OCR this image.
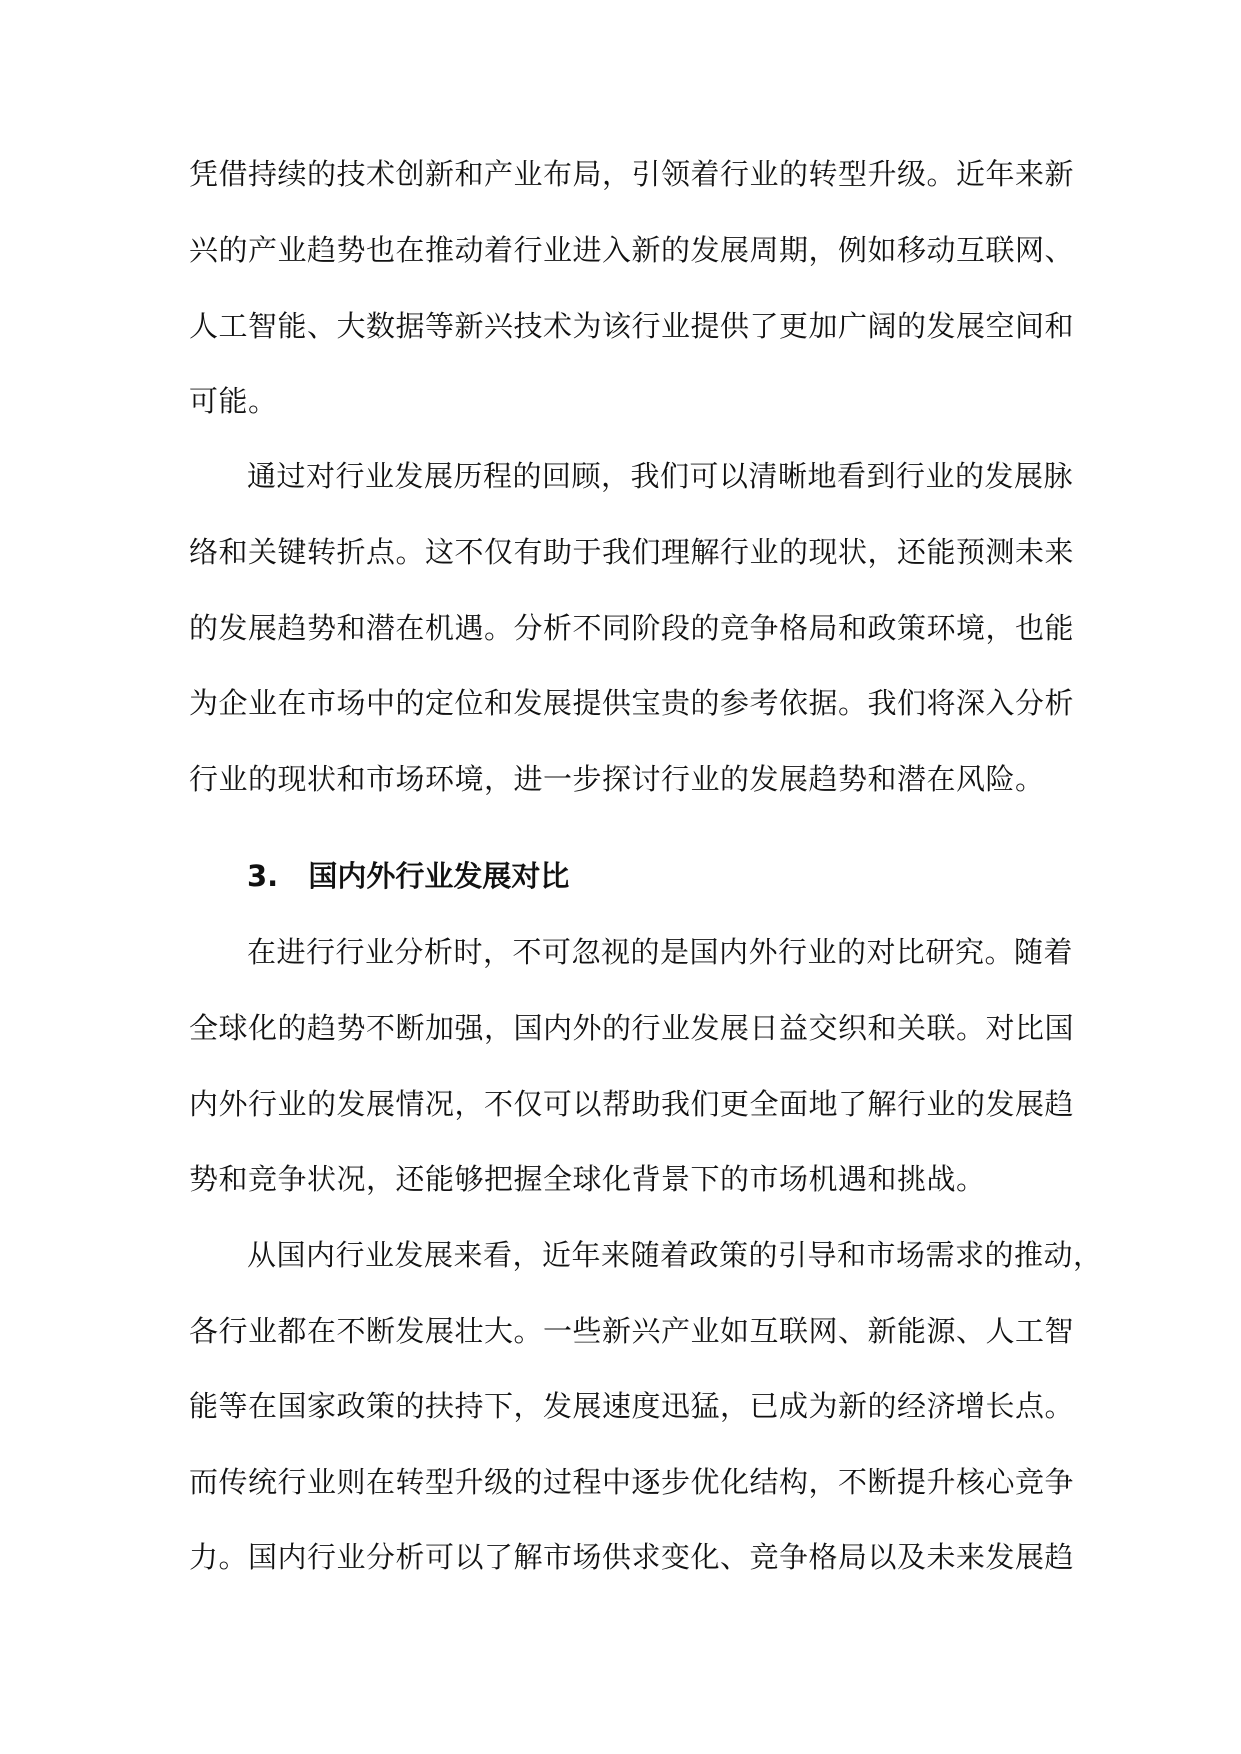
凭借持续的技术创新和产业布局，引领着行业的转型升级。近年来新
兴的产业趋势也在推动着行业进入新的发展周期，例如移动互联网、
人工智能、大数据等新兴技术为该行业提供了更加广阔的发展空间和
可能。
通过对行业发展历程的回顾，我们可以清晰地看到行业的发展脉
络和关键转折点。这不仅有助于我们理解行业的现状，还能预测未来
的发展趋势和潜在机遇。分析不同阶段的竞争格局和政策环境，也能
为企业在市场中的定位和发展提供宝贵的参考依据。我们将深入分析
行业的现状和市场环境，进一步探讨行业的发展趋势和潜在风险。
3. 国内外行业发展对比
在进行行业分析时，不可忽视的是国内外行业的对比研究。随着
全球化的趋势不断加强，国内外的行业发展日益交织和关联。对比国
内外行业的发展情况，不仅可以帮助我们更全面地了解行业的发展趋
势和竞争状况，还能够把握全球化背景下的市场机遇和挑战。
从国内行业发展来看，近年来随着政策的引导和市场需求的推动，
各行业都在不断发展壮大。一些新兴产业如互联网、新能源、人工智
能等在国家政策的扶持下，发展速度迅猛，已成为新的经济增长点。
而传统行业则在转型升级的过程中逐步优化结构，不断提升核心竞争
力。国内行业分析可以了解市场供求变化、竞争格局以及未来发展趋
